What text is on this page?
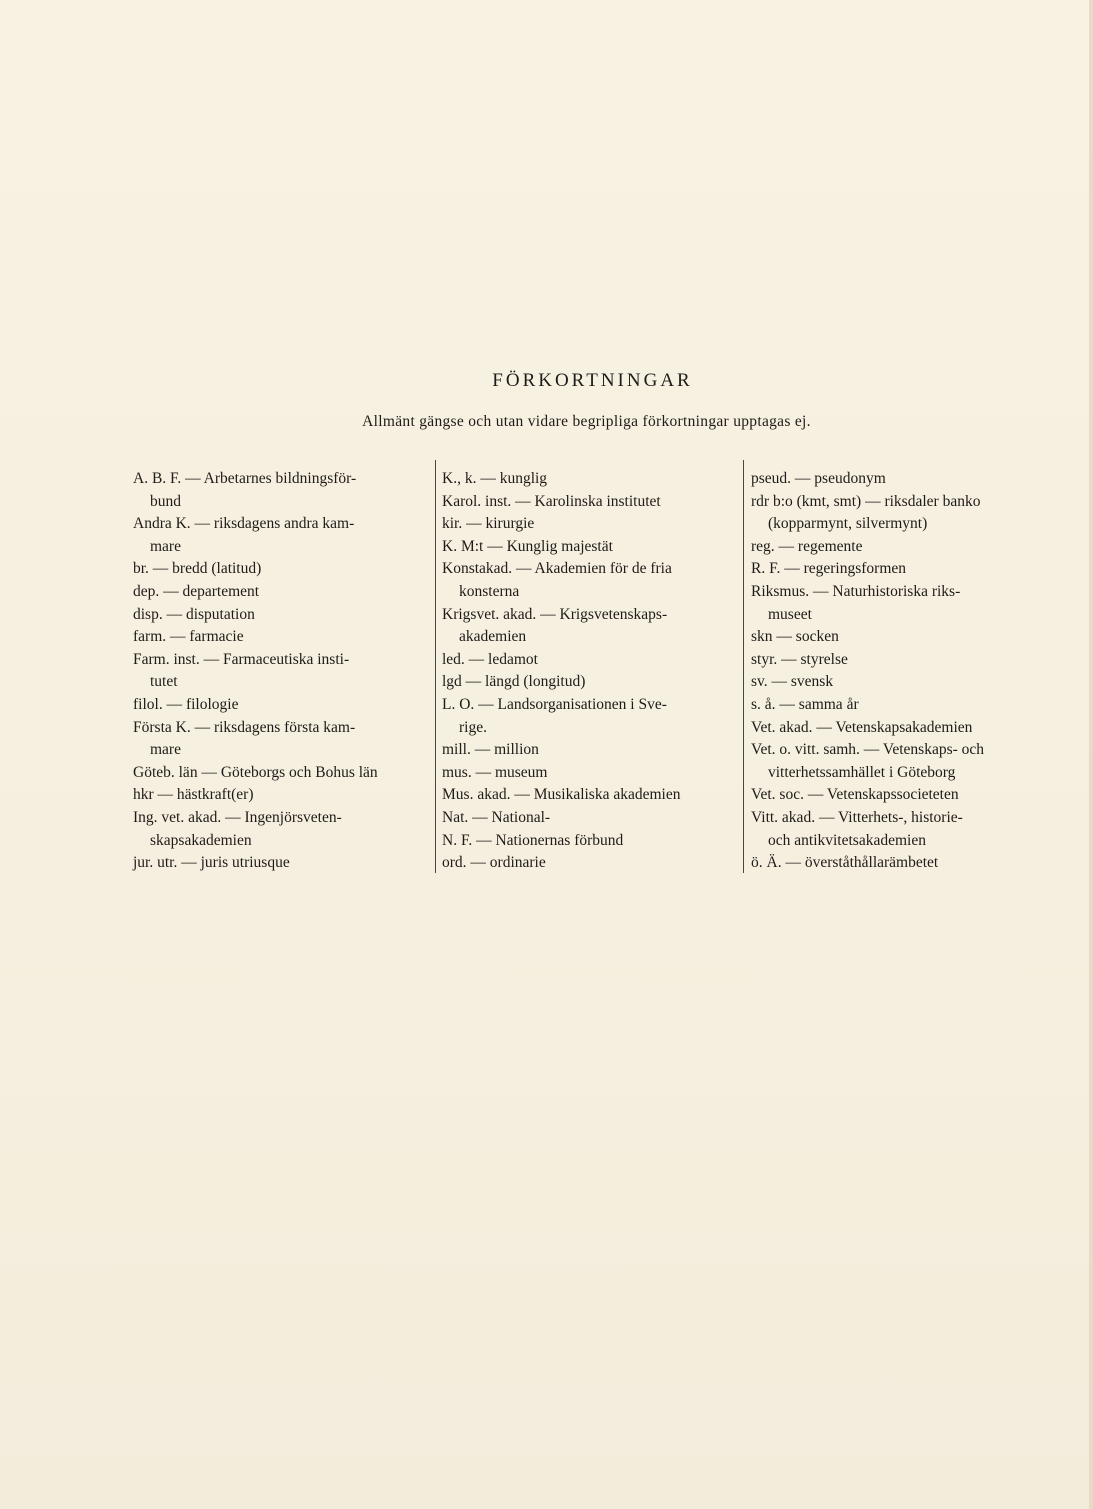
FÖRKORTNINGAR
Allmänt gängse och utan vidare begripliga förkortningar upptagas ej.
A. B. F. — Arbetarnes bildningsför-
bund
Andra K. — riksdagens andra kam-
mare
br. — bredd (latitud)
dep. — departement
disp. — disputation
farm. — farmacie
Farm. inst. — Farmaceutiska insti-
tutet
filol. — filologie
Första K. — riksdagens första kam-
mare
Göteb. län — Göteborgs och Bohus län
hkr — hästkraft(er)
Ing. vet. akad. — Ingenjörsveten-
skapsakademien
jur. utr. — juris utriusque
K., k. — kunglig
Karol. inst. — Karolinska institutet
kir. — kirurgie
K. M:t — Kunglig majestät
Konstakad. — Akademien för de fria
konsterna
Krigsvet. akad. — Krigsvetenskaps-
akademien
led. — ledamot
lgd — längd (longitud)
L. O. — Landsorganisationen i Sve-
rige.
mill. — million
mus. — museum
Mus. akad. — Musikaliska akademien
Nat. — National-
N. F. — Nationernas förbund
ord. — ordinarie
pseud. — pseudonym
rdr b:o (kmt, smt) — riksdaler banko
(kopparmynt, silvermynt)
reg. — regemente
R. F. — regeringsformen
Riksmus. — Naturhistoriska riks-
museet
skn — socken
styr. — styrelse
sv. — svensk
s. å. — samma år
Vet. akad. — Vetenskapsakademien
Vet. o. vitt. samh. — Vetenskaps- och
vitterhetssamhället i Göteborg
Vet. soc. — Vetenskapssocieteten
Vitt. akad. — Vitterhets-, historie-
och antikvitetsakademien
ö. Ä. — överståthållarämbetet
